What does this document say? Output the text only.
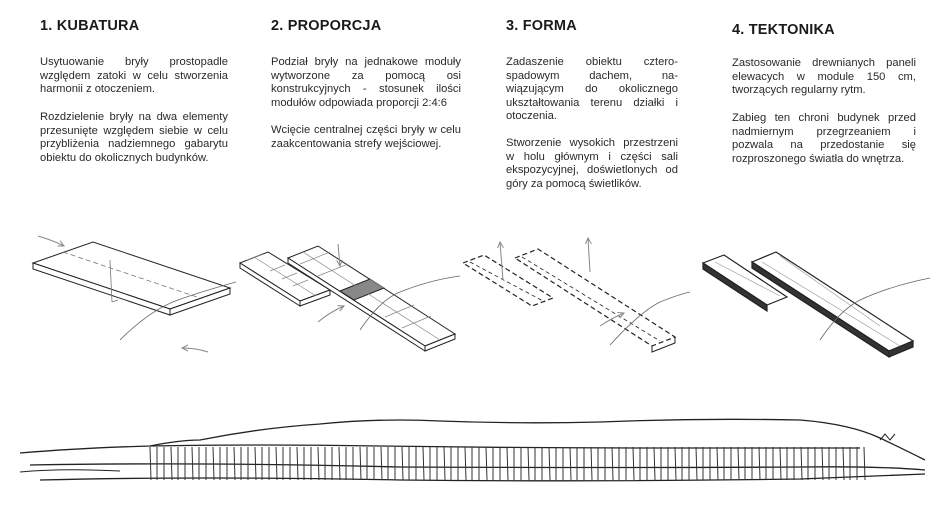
1. KUBATURA

Usytuowanie bryły prostopadle względem zatoki w celu stworzenia harmonii z otoczeniem.

Rozdzielenie bryły na dwa elementy przesunięte względem siebie w celu przybliżenia nadziemnego gabarytu obiektu do okolicznych budynków.

2. PROPORCJA

Podział bryły na jednakowe moduły wytworzone za pomocą osi konstrukcyjnych - stosunek ilości modułów odpowiada proporcji 2:4:6

Wcięcie centralnej części bryły w celu zaakcentowania strefy wejściowej.

3. FORMA

Zadaszenie obiektu cztero-spadowym dachem, na-wiązującym do okolicznego ukształtowania terenu działki i otoczenia.

Stworzenie wysokich przestrzeni w holu głównym i części sali ekspozycyjnej, doświetlonych od góry za pomocą świetlików.

4. TEKTONIKA

Zastosowanie drewnianych paneli elewacych w module 150 cm, tworzących regularny rytm.

Zabieg ten chroni budynek przed nadmiernym przegrzeaniem i pozwala na przedostanie się rozproszonego światła do wnętrza.
